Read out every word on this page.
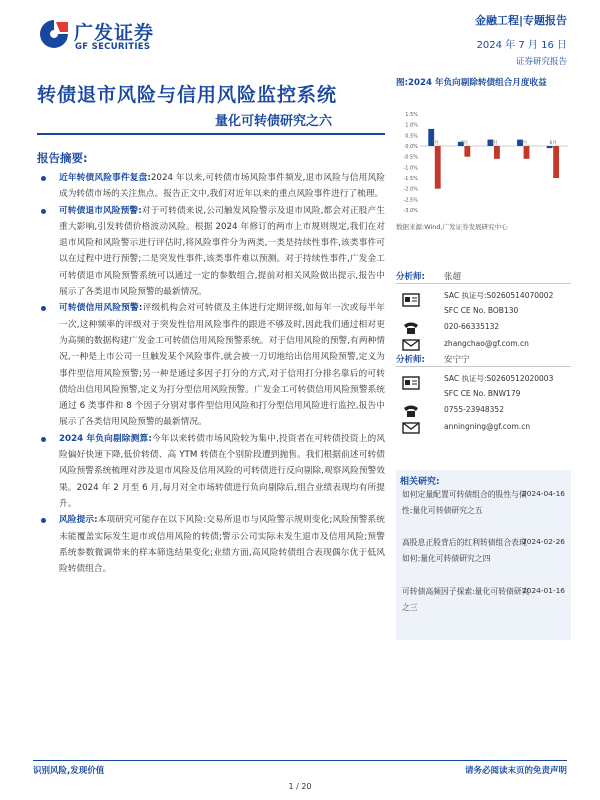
广发证券
GF SECURITIES
金融工程|专题报告
2024 年 7 月 16 日
证券研究报告
转债退市风险与信用风险监控系统
量化可转债研究之六
报告摘要:
近年转债风险事件复盘:2024 年以来,可转债市场风险事件频发,退市风险与信用风险成为转债市场的关注焦点。报告正文中,我们对近年以来的重点风险事件进行了梳理。
可转债退市风险预警:对于可转债来说,公司触发风险警示及退市风险,都会对正股产生重大影响,引发转债价格波动风险。根据 2024 年修订的两市上市规则规定,我们在对退市风险和风险警示进行评估时,将风险事件分为两类,一类是持续性事件,该类事件可以在过程中进行预警;二是突发性事件,该类事件难以预测。对于持续性事件,广发金工可转债退市风险预警系统可以通过一定的参数组合,提前对相关风险做出提示,报告中展示了各类退市风险预警的最新情况。
可转债信用风险预警:评级机构会对可转债及主体进行定期评级,如每年一次或每半年一次,这种频率的评级对于突发性信用风险事件的跟进不够及时,因此我们通过相对更为高频的数据构建广发金工可转债信用风险预警系统。对于信用风险的预警,有两种情况,一种是上市公司一旦触发某个风险事件,就会被一刀切地给出信用风险预警,定义为事件型信用风险预警;另一种是通过多因子打分的方式,对于信用打分排名靠后的可转债给出信用风险预警,定义为打分型信用风险预警。广发金工可转债信用风险预警系统通过 6 类事件和 8 个因子分别对事件型信用风险和打分型信用风险进行监控,报告中展示了各类信用风险预警的最新情况。
2024 年负向剔除测算:今年以来转债市场风险较为集中,投资者在可转债投资上的风险偏好快速下降,低价转债、高 YTM 转债在个别阶段遭到抛售。我们根据前述可转债风险预警系统梳理对涉及退市风险及信用风险的可转债进行反向剔除,观察风险预警效果。2024 年 2 月至 6 月,每月对全市场转债进行负向剔除后,组合业绩表现均有所提升。
风险提示:本项研究可能存在以下风险:交易所退市与风险警示规则变化;风险预警系统未能覆盖实际发生退市或信用风险的转债;警示公司实际未发生退市及信用风险;预警系统参数微调带来的样本筛选结果变化;业绩方面,高风险转债组合表现偶尔优于低风险转债组合。
图:2024 年负向剔除转债组合月度收益
1.5%
1.0%
0.5%
0.0%
-0.5%
-1.0%
-1.5%
-2.0%
-2.5%
-3.0%
2月	3月	4月	5月	6月
数据来源:Wind,广发证券发展研究中心
分析师:	张超
SAC 执证号:S0260514070002
SFC CE No. BOB130
020-66335132
zhangchao@gf.com.cn
分析师:	安宁宁
SAC 执证号:S0260512020003
SFC CE No. BNW179
0755-23948352
anningning@gf.com.cn
相关研究:
如何定量配置可转债组合的股性与债性:量化可转债研究之五
2024-04-16
高股息正股背后的红利转债组合表现如何:量化可转债研究之四
2024-02-26
可转债高频因子探索:量化可转债研究之三
2024-01-16
识别风险,发现价值	请务必阅读末页的免责声明
1 / 20
